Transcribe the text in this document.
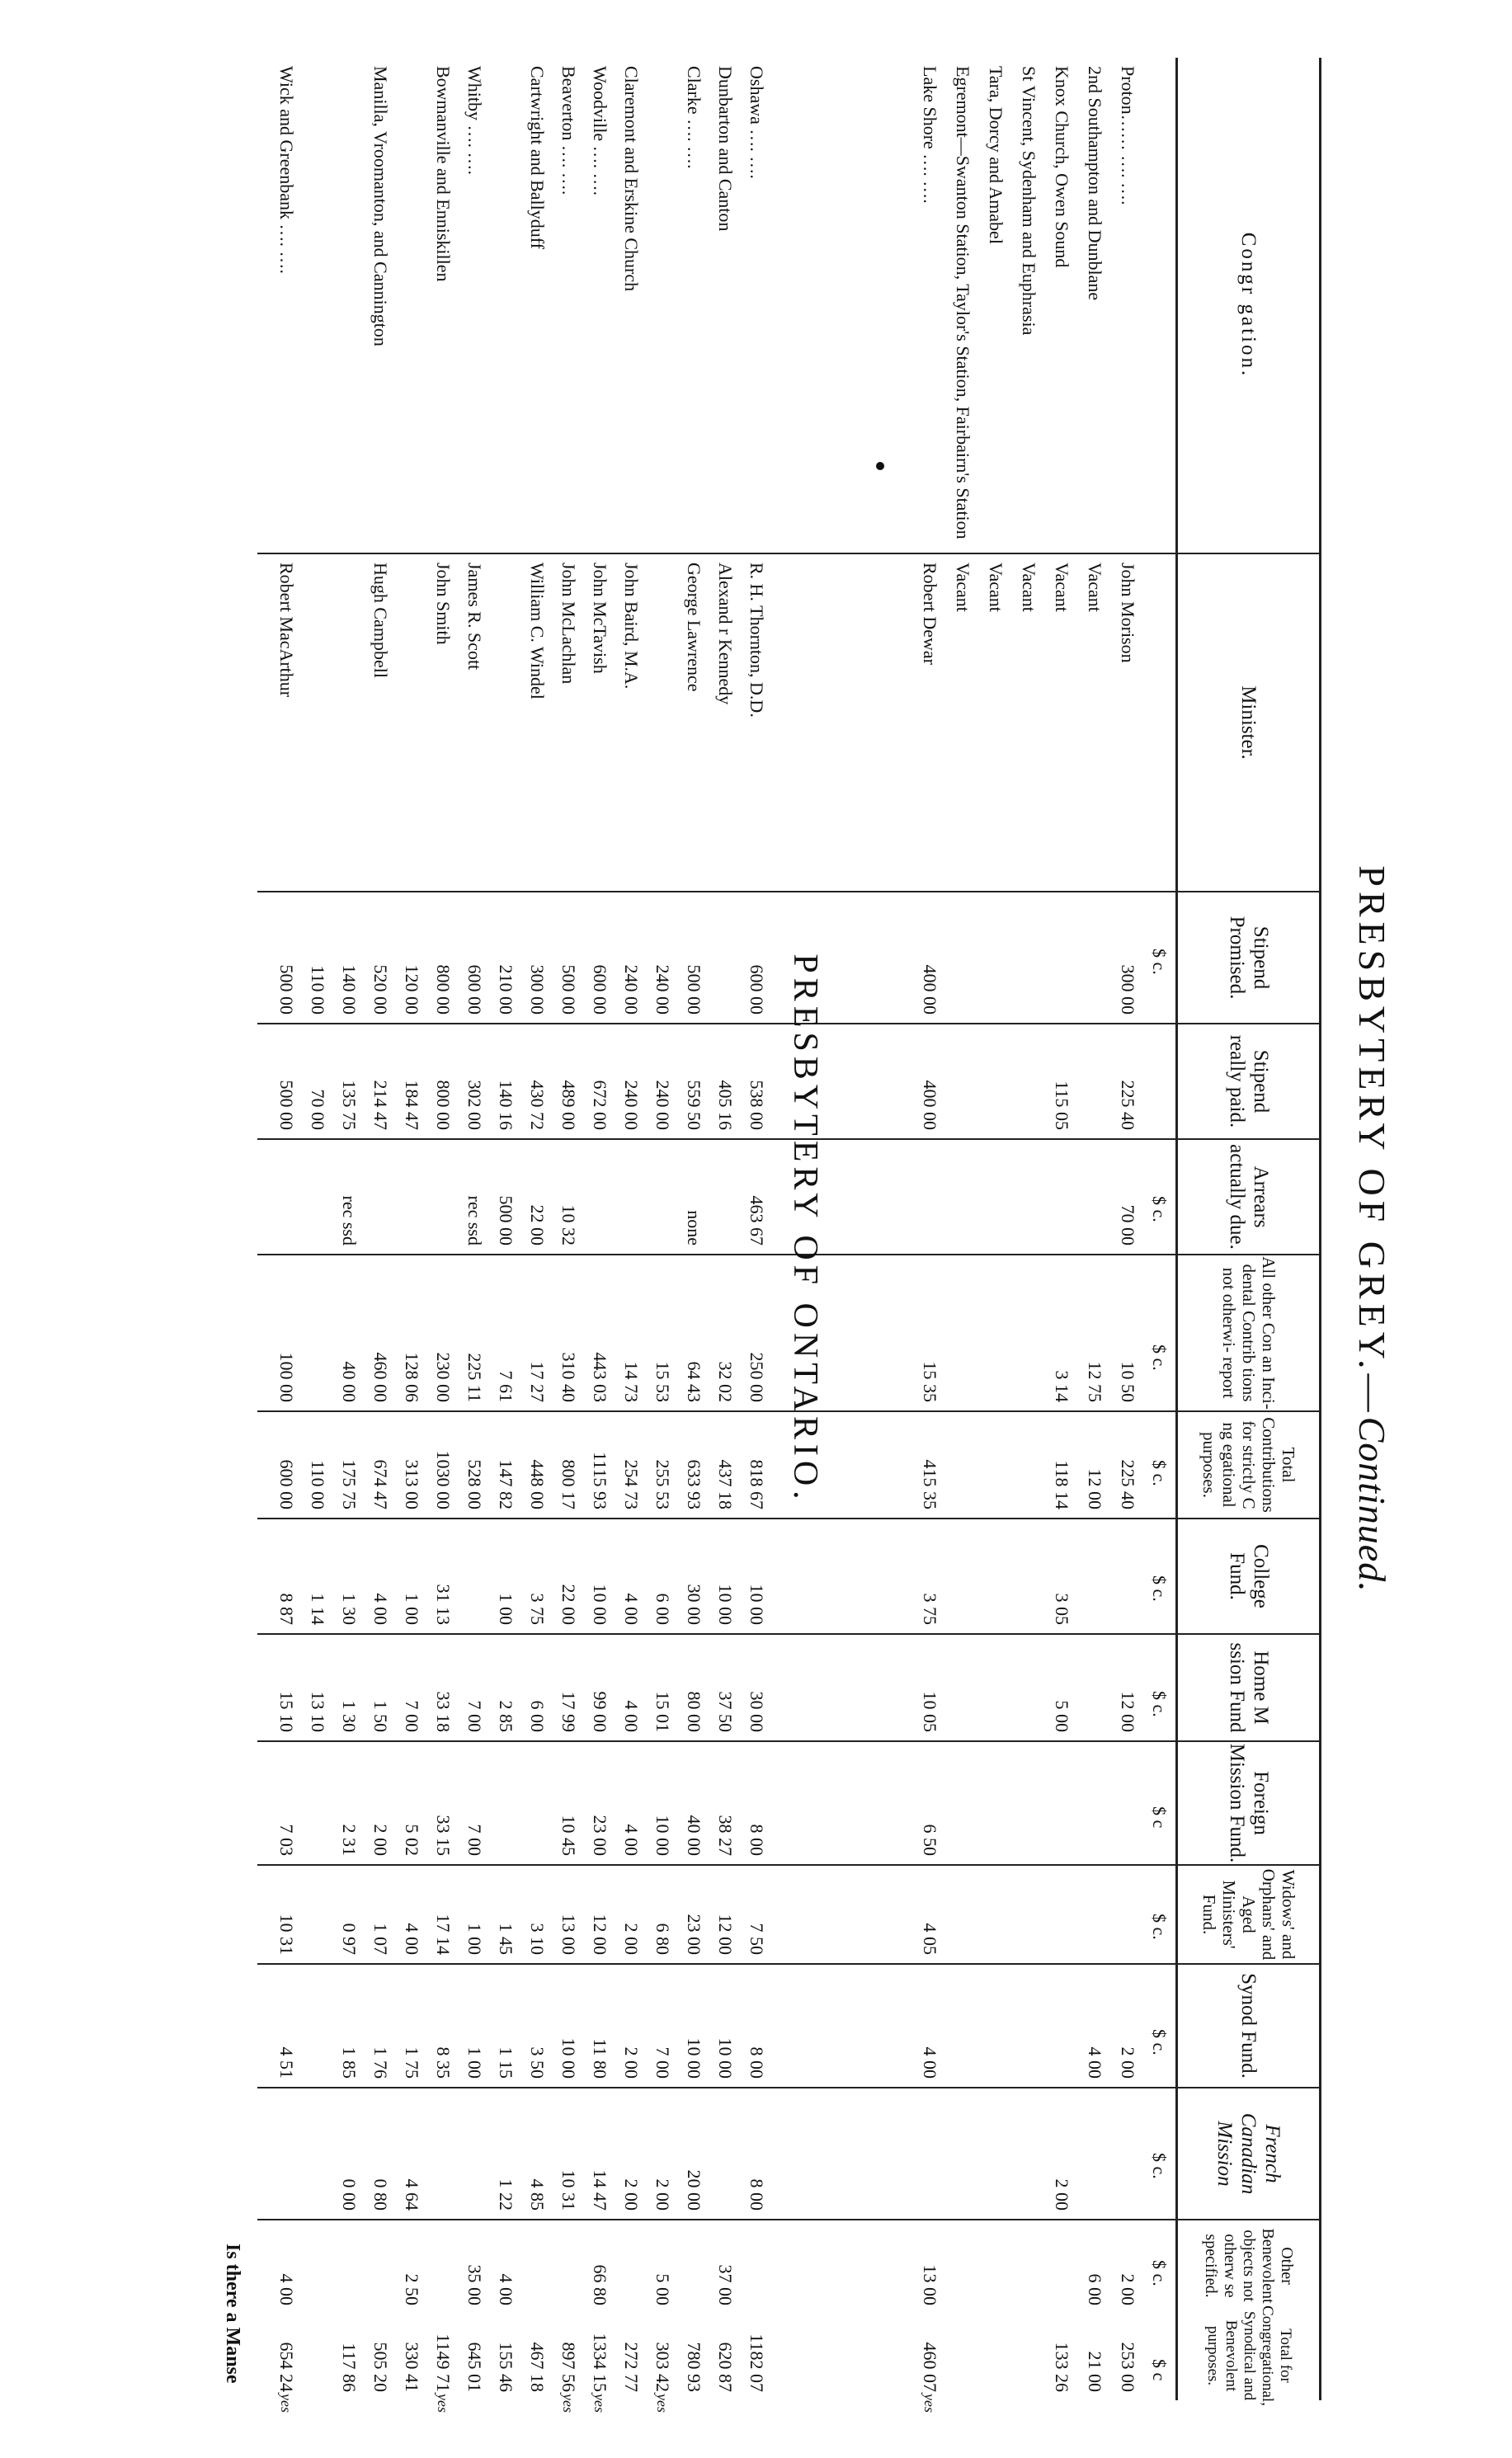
PRESBYTERY OF GREY.—Continued.
Congr gation.
Minister.
Stipend Promised.
Stipend really paid.
Arrears actually due.
All other Con an Inci-dental Contrib tions not otherwi- report
Total Contributions for strictly C ng egational purposes.
College Fund.
Home M ssion Fund
Foreign Mission Fund.
Widows' and Orphans' and Aged Ministers' Fund.
Synod Fund.
French Canadian Mission
Other Benevolent objects not otherw se specified.
Total for Congregational, Synodical and Benevolent purposes.
$ c.
$ c.
$ c.
$ c.
$ c.
$ c.
$ c
$ c.
$ c.
$ c.
$ c.
$ c
Proton…… …. ….
John Morison
300 00
225 40
70 00
10 50
225 40
12 00
2 00
2 00
253 00
2nd Southampton and Dunblane
Vacant
12 75
12 00
4 00
6 00
21 00
Knox Church, Owen Sound
Vacant
115 05
3 14
118 14
3 05
5 00
2 00
133 26
St Vincent, Sydenham and Euphrasia
Vacant
Tara, Dorcy and Amabel
Vacant
Egremont—Swanton Station, Taylor's Station, Fairbairn's Station
Vacant
Lake Shore …. ….
Robert Dewar
400 00
400 00
15 35
415 35
3 75
10 05
6 50
4 05
4 00
13 00
460 07
yes
PRESBYTERY OF ONTARIO.
Oshawa …. ….
R. H. Thornton, D.D.
600 00
538 00
463 67
250 00
818 67
10 00
30 00
8 00
7 50
8 00
8 00
1182 07
Dunbarton and Canton
Alexand r Kennedy
405 16
32 02
437 18
10 00
37 50
38 27
12 00
10 00
37 00
620 87
Clarke …. ….
George Lawrence
500 00
559 50
none
64 43
633 93
30 00
80 00
40 00
23 00
10 00
20 00
780 93
240 00
240 00
15 53
255 53
6 00
15 01
10 00
6 80
7 00
2 00
5 00
303 42
yes
Claremont and Erskine Church
John Baird, M.A.
240 00
240 00
14 73
254 73
4 00
4 00
4 00
2 00
2 00
2 00
272 77
Woodville …. ….
John McTavish
600 00
672 00
443 03
1115 93
10 00
99 00
23 00
12 00
11 80
14 47
66 80
1334 15
yes
Beaverton …. ….
John McLachlan
500 00
489 00
10 32
310 40
800 17
22 00
17 99
10 45
13 00
10 00
10 31
897 56
yes
Cartwright and Ballyduff
William C. Windel
300 00
430 72
22 00
17 27
448 00
3 75
6 00
3 10
3 50
4 85
467 18
210 00
140 16
500 00
7 61
147 82
1 00
2 85
1 45
1 15
1 22
4 00
155 46
Whitby …. ….
James R. Scott
600 00
302 00
rec ssd
225 11
528 00
7 00
7 00
1 00
1 00
35 00
645 01
Bowmanville and Enniskillen
John Smith
800 00
800 00
230 00
1030 00
31 13
33 18
33 15
17 14
8 35
1149 71
yes
120 00
184 47
128 06
313 00
1 00
7 00
5 02
4 00
1 75
4 64
2 50
330 41
Manilla, Vroomanton, and Cannington
Hugh Campbell
520 00
214 47
460 00
674 47
4 00
1 50
2 00
1 07
1 76
0 80
505 20
140 00
135 75
rec ssd
40 00
175 75
1 30
1 30
2 31
0 97
1 85
0 00
117 86
110 00
70 00
110 00
1 14
13 10
Wick and Greenbank …. ….
Robert MacArthur
500 00
500 00
100 00
600 00
8 87
15 10
7 03
10 31
4 51
4 00
654 24
yes
Is there a Manse
